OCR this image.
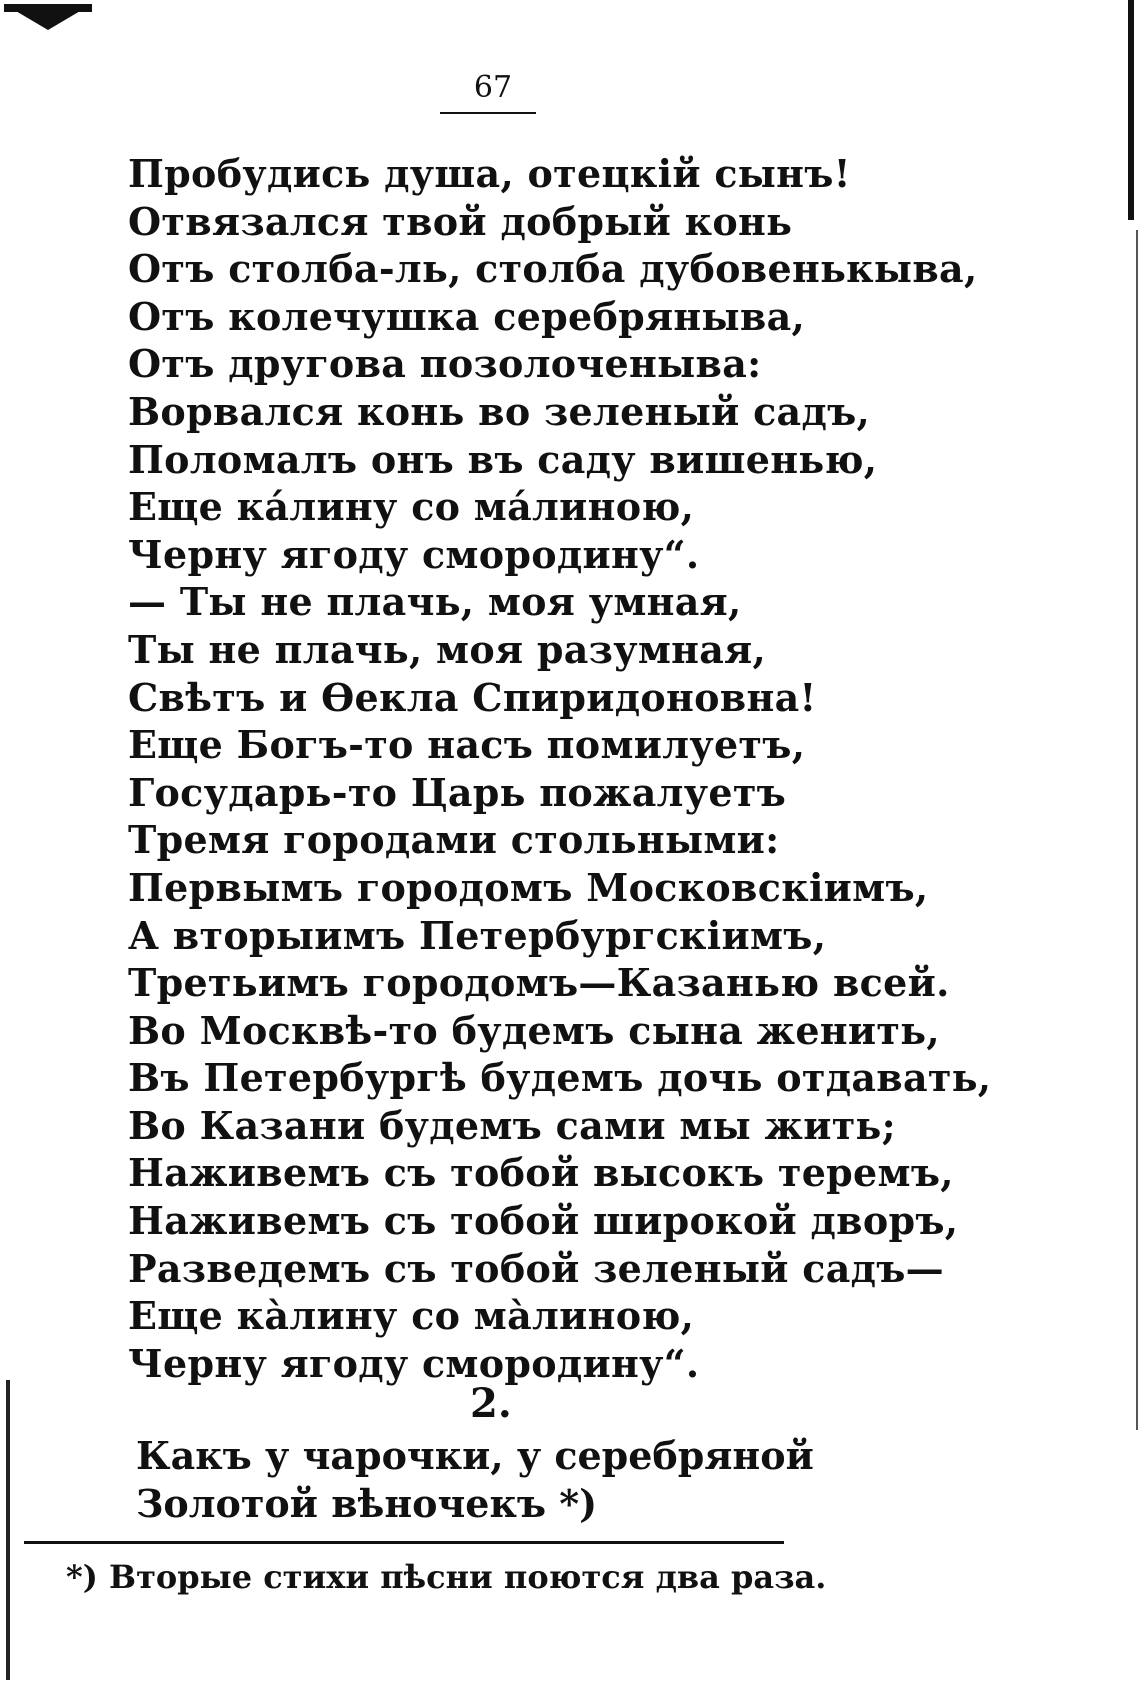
67
Пробудись душа, отецкій сынъ!
Отвязался твой добрый конь
Отъ столба-ль, столба дубовенькыва,
Отъ колечушка серебряныва,
Отъ другова позолоченыва:
Ворвался конь во зеленый садъ,
Поломалъ онъ въ саду вишенью,
Еще ка́лину со ма́линою,
Черну ягоду смородину“.
— Ты не плачь, моя умная,
Ты не плачь, моя разумная,
Свѣтъ и Ѳекла Спиридоновна!
Еще Богъ-то насъ помилуетъ,
Государь-то Царь пожалуетъ
Тремя городами стольными:
Первымъ городомъ Московскіимъ,
А вторыимъ Петербургскіимъ,
Третьимъ городомъ—Казанью всей.
Во Москвѣ-то будемъ сына женить,
Въ Петербургѣ будемъ дочь отдавать,
Во Казани будемъ сами мы жить;
Наживемъ съ тобой высокъ теремъ,
Наживемъ съ тобой широкой дворъ,
Разведемъ съ тобой зеленый садъ—
Еще ка̀лину со ма̀линою,
Черну ягоду смородину“.
2.
Какъ у чарочки, у серебряной
Золотой вѣночекъ *)
*) Вторые стихи пѣсни поются два раза.
